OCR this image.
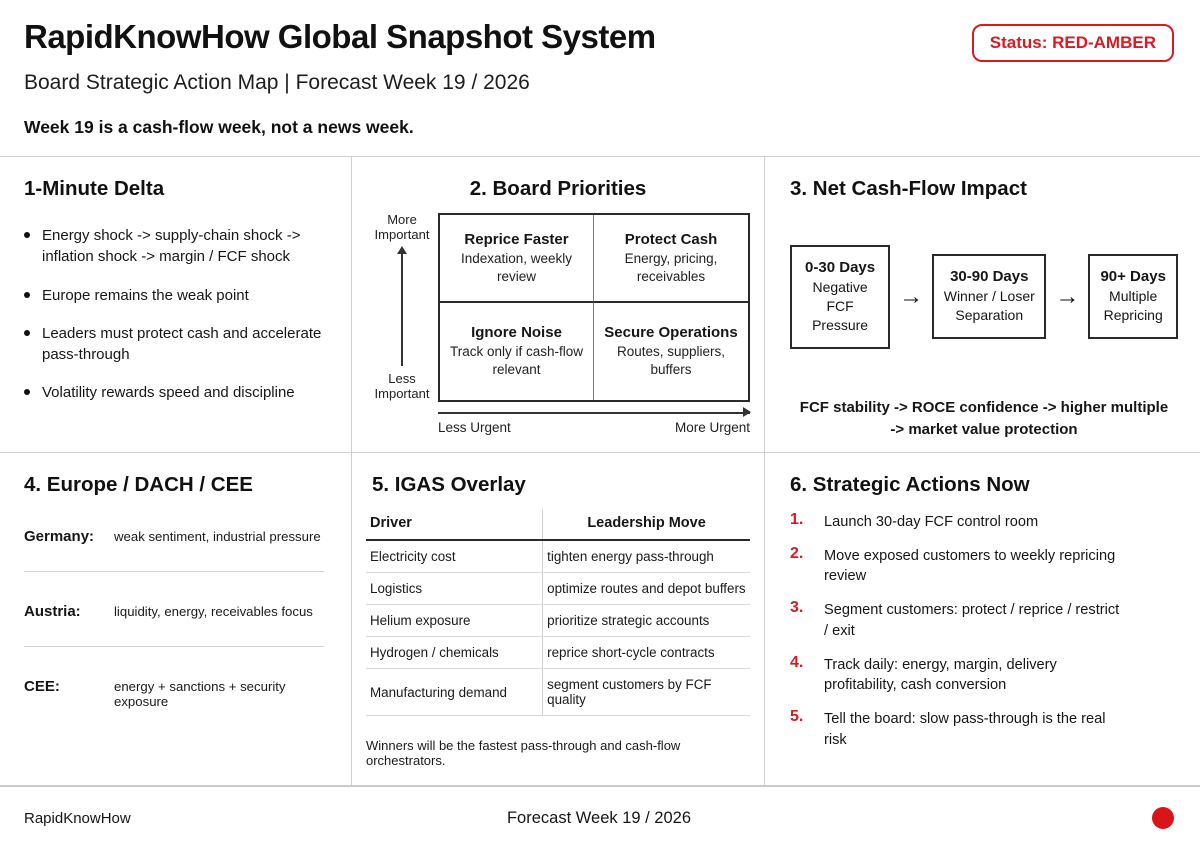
RapidKnowHow Global Snapshot System	Status: RED-AMBER
Board Strategic Action Map | Forecast Week 19 / 2026
Week 19 is a cash-flow week, not a news week.
1-Minute Delta
Energy shock -> supply-chain shock -> inflation shock -> margin / FCF shock
Europe remains the weak point
Leaders must protect cash and accelerate pass-through
Volatility rewards speed and discipline
2. Board Priorities
More Important
Less Important
Reprice Faster
Indexation, weekly review
Protect Cash
Energy, pricing, receivables
Ignore Noise
Track only if cash-flow relevant
Secure Operations
Routes, suppliers, buffers
Less Urgent	More Urgent
3. Net Cash-Flow Impact
0-30 Days
Negative FCF Pressure
→
30-90 Days
Winner / Loser Separation
→
90+ Days
Multiple Repricing
FCF stability -> ROCE confidence -> higher multiple -> market value protection
4. Europe / DACH / CEE
Germany:	weak sentiment, industrial pressure
Austria:	liquidity, energy, receivables focus
CEE:	energy + sanctions + security exposure
5. IGAS Overlay
Driver	Leadership Move
Electricity cost	tighten energy pass-through
Logistics	optimize routes and depot buffers
Helium exposure	prioritize strategic accounts
Hydrogen / chemicals	reprice short-cycle contracts
Manufacturing demand	segment customers by FCF quality
Winners will be the fastest pass-through and cash-flow orchestrators.
6. Strategic Actions Now
1.	Launch 30-day FCF control room
2.	Move exposed customers to weekly repricing review
3.	Segment customers: protect / reprice / restrict / exit
4.	Track daily: energy, margin, delivery profitability, cash conversion
5.	Tell the board: slow pass-through is the real risk
RapidKnowHow	Forecast Week 19 / 2026
